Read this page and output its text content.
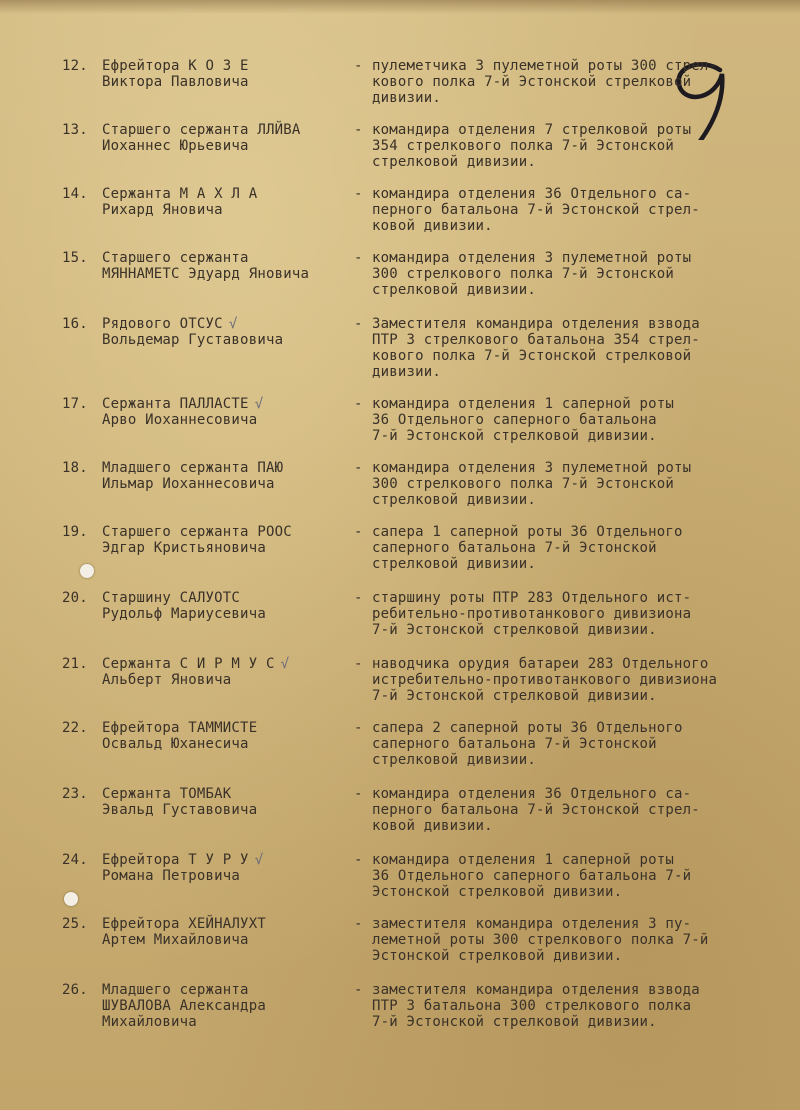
12.	Ефрейтора К О З Е
Виктора Павловича
- пулеметчика 3 пулеметной роты 300 стрел-
кового полка 7-й Эстонской стрелковой
дивизии.
13.	Старшего сержанта ЛЛЙВА
Иоханнес Юрьевича
- командира отделения 7 стрелковой роты
354 стрелкового полка 7-й Эстонской
стрелковой дивизии.
14.	Сержанта М А Х Л А
Рихард Яновича
- командира отделения 36 Отдельного са-
перного батальона 7-й Эстонской стрел-
ковой дивизии.
15.	Старшего сержанта
МЯННАМЕТС Эдуард Яновича
- командира отделения 3 пулеметной роты
300 стрелкового полка 7-й Эстонской
стрелковой дивизии.
16.	Рядового ОТСУС √
Вольдемар Густавовича
- Заместителя командира отделения взвода
ПТР 3 стрелкового батальона 354 стрел-
кового полка 7-й Эстонской стрелковой
дивизии.
17.	Сержанта ПАЛЛАСТЕ √
Арво Иоханнесовича
- командира отделения 1 саперной роты
36 Отдельного саперного батальона
7-й Эстонской стрелковой дивизии.
18.	Младшего сержанта ПАЮ
Ильмар Иоханнесовича
- командира отделения 3 пулеметной роты
300 стрелкового полка 7-й Эстонской
стрелковой дивизии.
19.	Старшего сержанта РООС
Эдгар Кристьяновича
- сапера 1 саперной роты 36 Отдельного
саперного батальона 7-й Эстонской
стрелковой дивизии.
20.	Старшину САЛУОТС
Рудольф Мариусевича
- старшину роты ПТР 283 Отдельного ист-
ребительно-противотанкового дивизиона
7-й Эстонской стрелковой дивизии.
21.	Сержанта С И Р М У С √
Альберт Яновича
- наводчика орудия батареи 283 Отдельного
истребительно-противотанкового дивизиона
7-й Эстонской стрелковой дивизии.
22.	Ефрейтора ТАММИСТЕ
Освальд Юханесича
- сапера 2 саперной роты 36 Отдельного
саперного батальона 7-й Эстонской
стрелковой дивизии.
23.	Сержанта ТОМБАК
Эвальд Густавовича
- командира отделения 36 Отдельного са-
перного батальона 7-й Эстонской стрел-
ковой дивизии.
24.	Ефрейтора Т У Р У √
Романа Петровича
- командира отделения 1 саперной роты
36 Отдельного саперного батальона 7-й
Эстонской стрелковой дивизии.
25.	Ефрейтора ХЕЙНАЛУХТ
Артем Михайловича
- заместителя командира отделения 3 пу-
леметной роты 300 стрелкового полка 7-й
Эстонской стрелковой дивизии.
26.	Младшего сержанта
ШУВАЛОВА Александра
Михайловича
- заместителя командира отделения взвода
ПТР 3 батальона 300 стрелкового полка
7-й Эстонской стрелковой дивизии.
